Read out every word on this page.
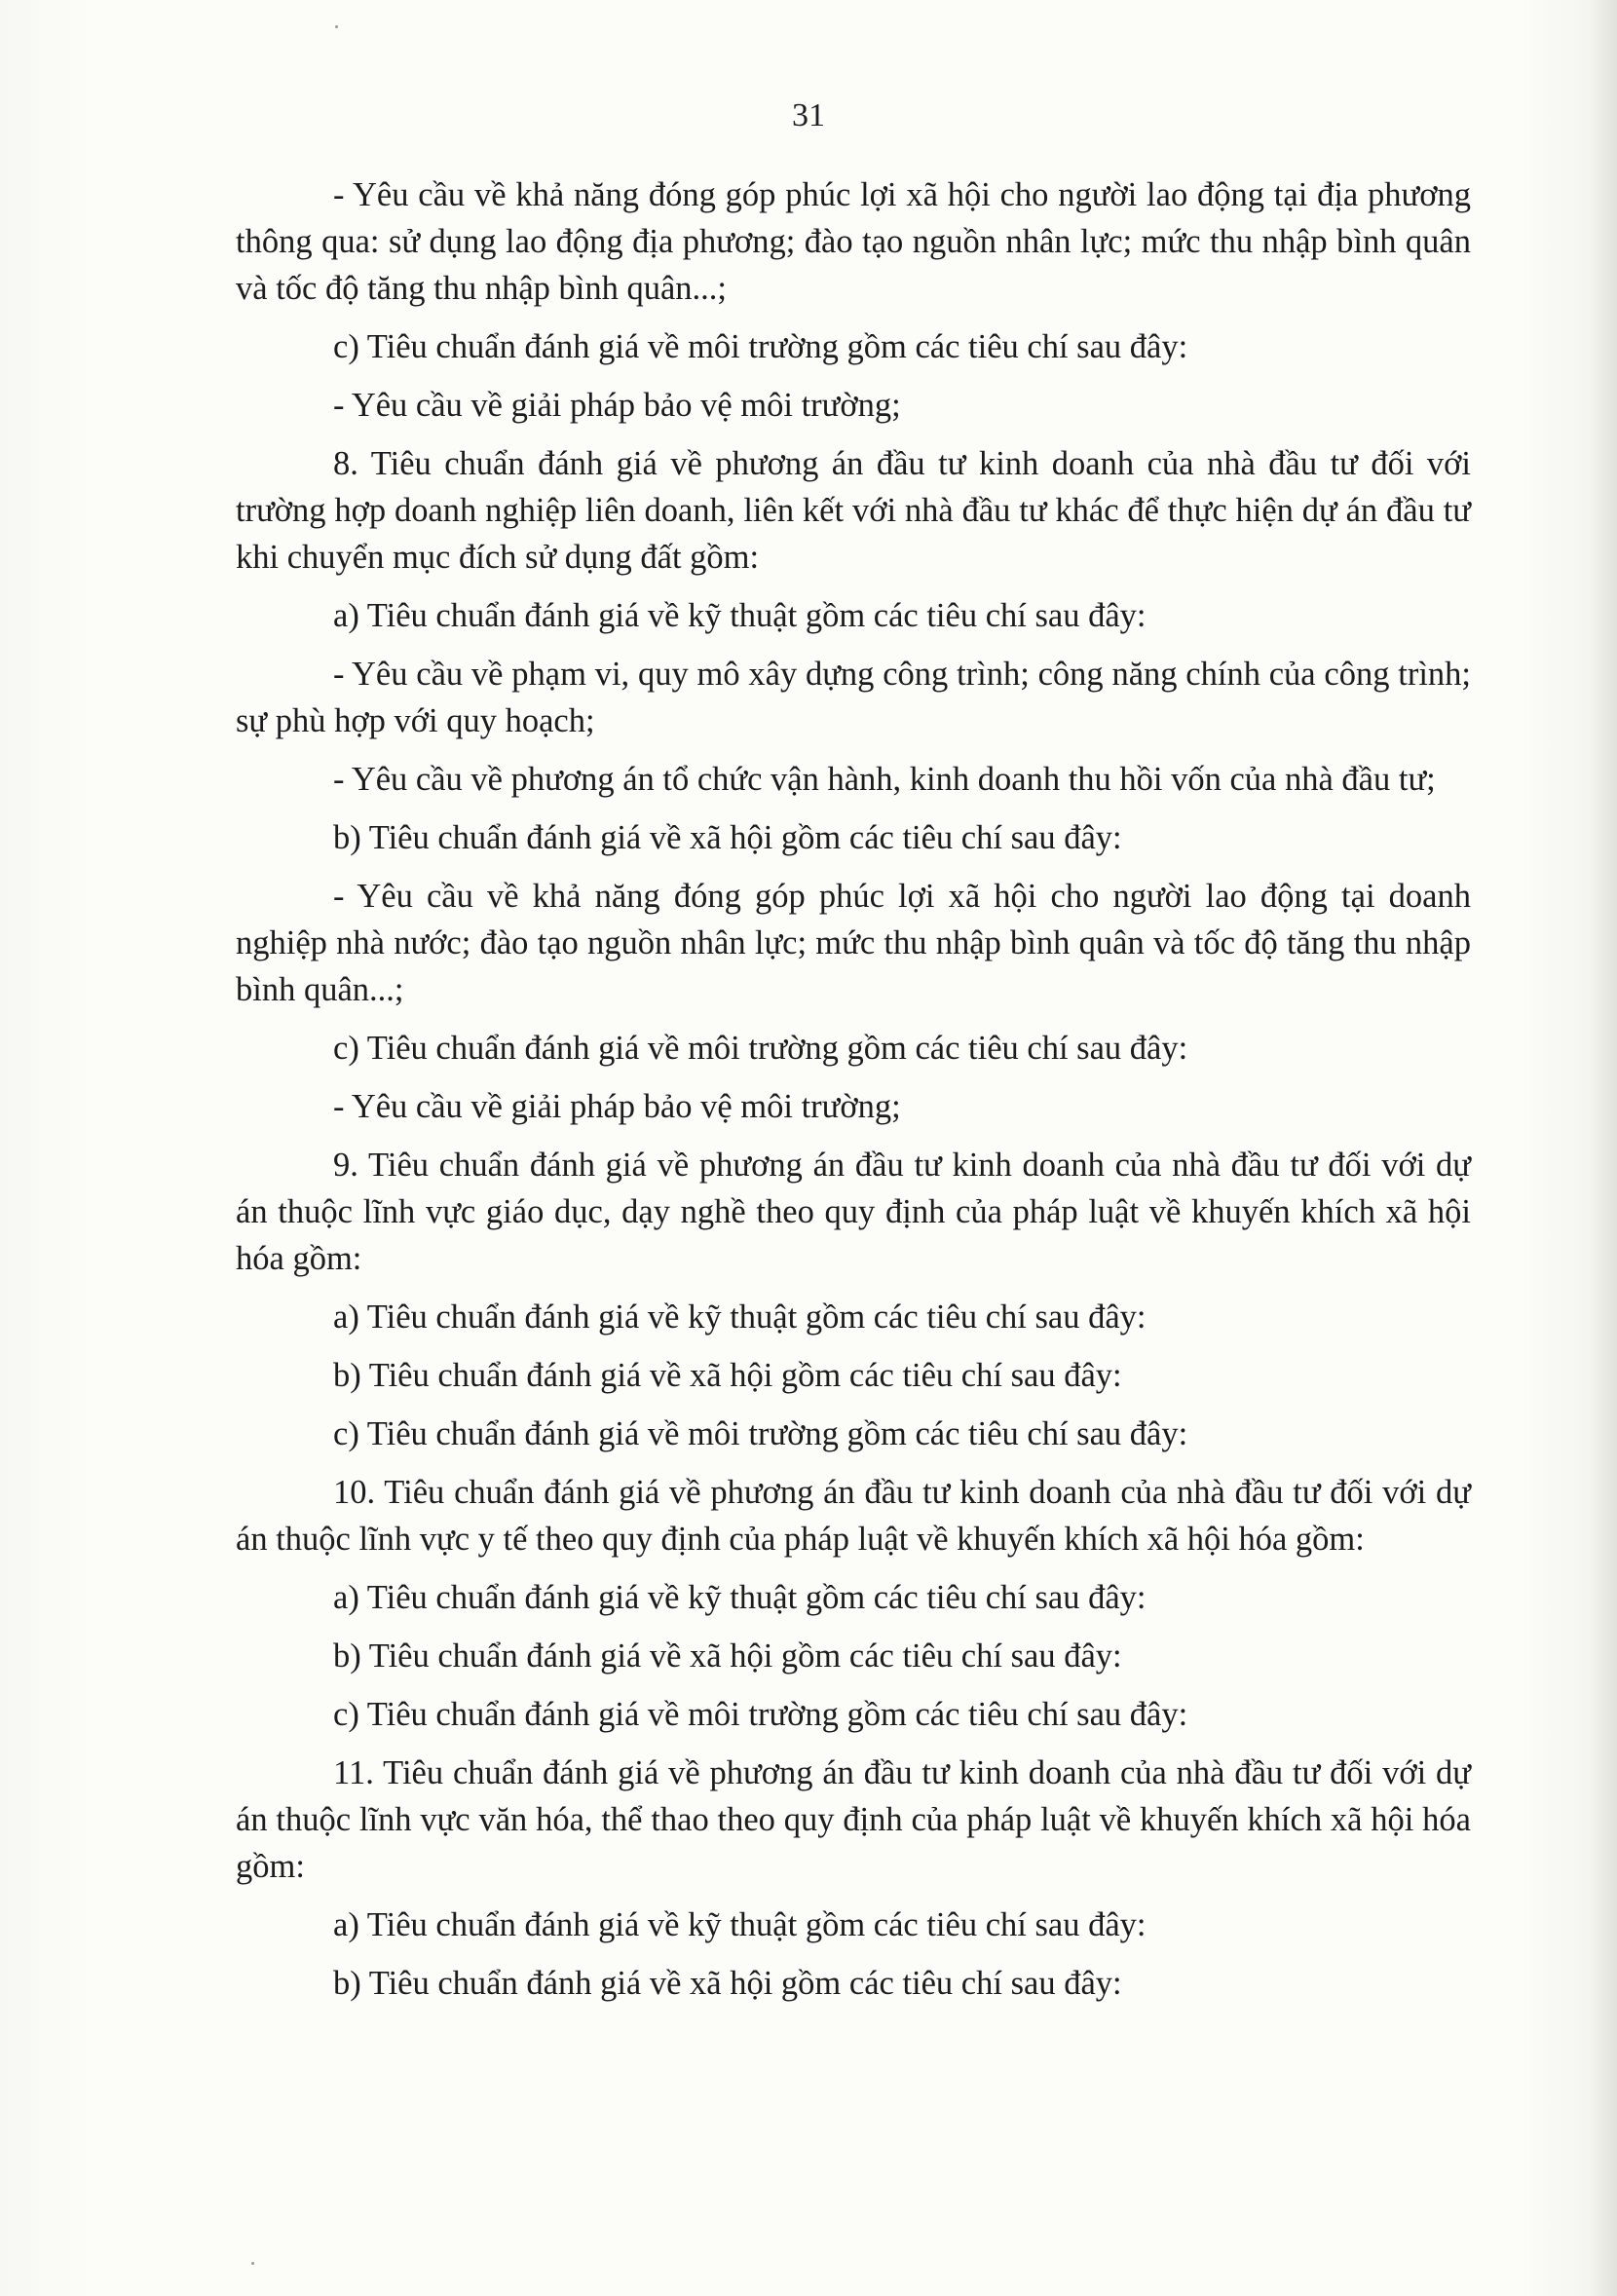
31

- Yêu cầu về khả năng đóng góp phúc lợi xã hội cho người lao động tại địa phương thông qua: sử dụng lao động địa phương; đào tạo nguồn nhân lực; mức thu nhập bình quân và tốc độ tăng thu nhập bình quân...;

c) Tiêu chuẩn đánh giá về môi trường gồm các tiêu chí sau đây:

- Yêu cầu về giải pháp bảo vệ môi trường;

8. Tiêu chuẩn đánh giá về phương án đầu tư kinh doanh của nhà đầu tư đối với trường hợp doanh nghiệp liên doanh, liên kết với nhà đầu tư khác để thực hiện dự án đầu tư khi chuyển mục đích sử dụng đất gồm:

a) Tiêu chuẩn đánh giá về kỹ thuật gồm các tiêu chí sau đây:

- Yêu cầu về phạm vi, quy mô xây dựng công trình; công năng chính của công trình; sự phù hợp với quy hoạch;

- Yêu cầu về phương án tổ chức vận hành, kinh doanh thu hồi vốn của nhà đầu tư;

b) Tiêu chuẩn đánh giá về xã hội gồm các tiêu chí sau đây:

- Yêu cầu về khả năng đóng góp phúc lợi xã hội cho người lao động tại doanh nghiệp nhà nước; đào tạo nguồn nhân lực; mức thu nhập bình quân và tốc độ tăng thu nhập bình quân...;

c) Tiêu chuẩn đánh giá về môi trường gồm các tiêu chí sau đây:

- Yêu cầu về giải pháp bảo vệ môi trường;

9. Tiêu chuẩn đánh giá về phương án đầu tư kinh doanh của nhà đầu tư đối với dự án thuộc lĩnh vực giáo dục, dạy nghề theo quy định của pháp luật về khuyến khích xã hội hóa gồm:

a) Tiêu chuẩn đánh giá về kỹ thuật gồm các tiêu chí sau đây:

b) Tiêu chuẩn đánh giá về xã hội gồm các tiêu chí sau đây:

c) Tiêu chuẩn đánh giá về môi trường gồm các tiêu chí sau đây:

10. Tiêu chuẩn đánh giá về phương án đầu tư kinh doanh của nhà đầu tư đối với dự án thuộc lĩnh vực y tế theo quy định của pháp luật về khuyến khích xã hội hóa gồm:

a) Tiêu chuẩn đánh giá về kỹ thuật gồm các tiêu chí sau đây:

b) Tiêu chuẩn đánh giá về xã hội gồm các tiêu chí sau đây:

c) Tiêu chuẩn đánh giá về môi trường gồm các tiêu chí sau đây:

11. Tiêu chuẩn đánh giá về phương án đầu tư kinh doanh của nhà đầu tư đối với dự án thuộc lĩnh vực văn hóa, thể thao theo quy định của pháp luật về khuyến khích xã hội hóa gồm:

a) Tiêu chuẩn đánh giá về kỹ thuật gồm các tiêu chí sau đây:

b) Tiêu chuẩn đánh giá về xã hội gồm các tiêu chí sau đây:
